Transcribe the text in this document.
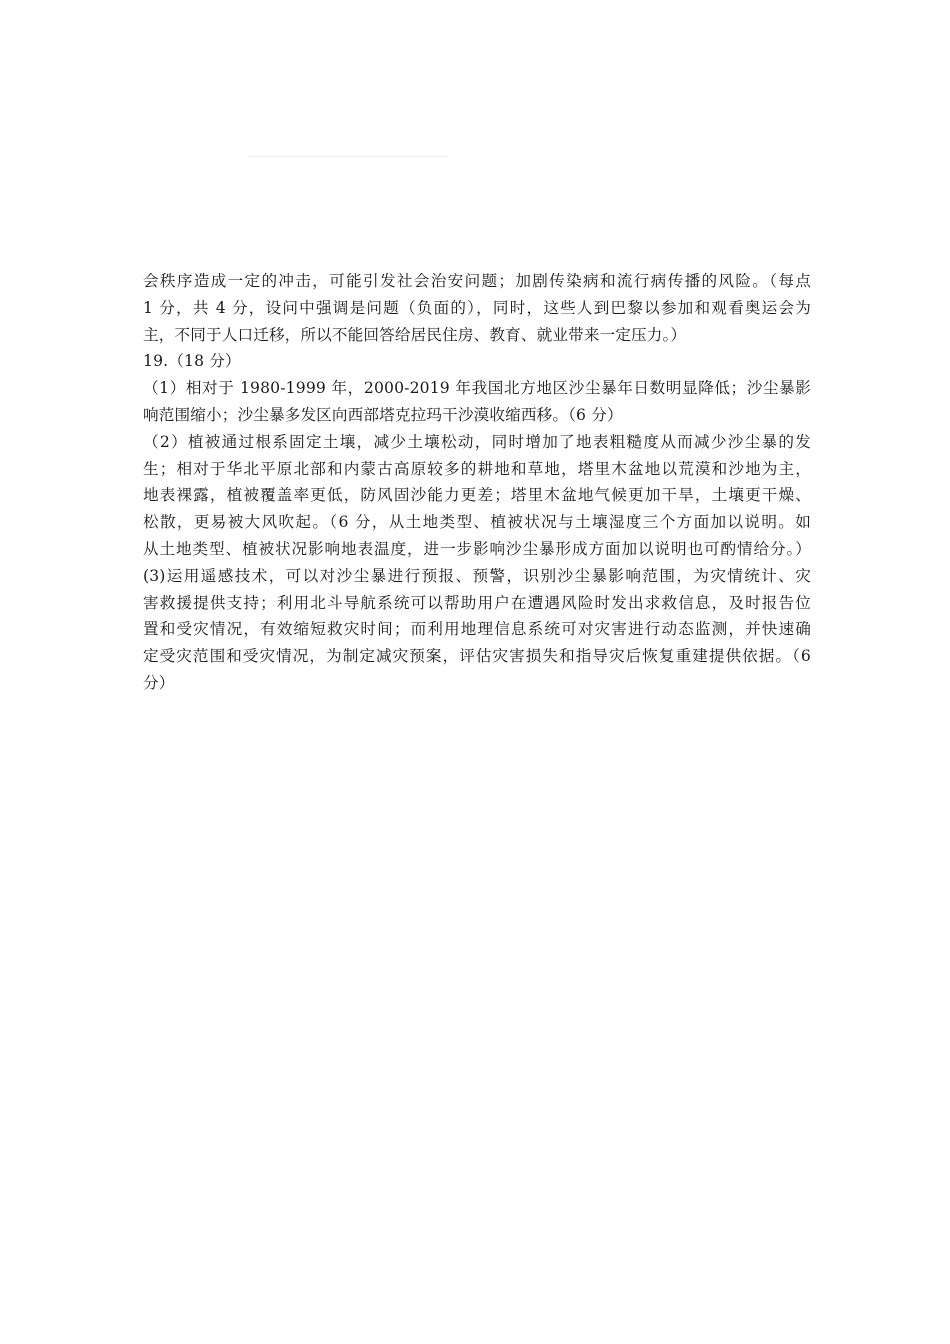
会秩序造成一定的冲击，可能引发社会治安问题；加剧传染病和流行病传播的风险。（每点
1 分，共 4 分，设问中强调是问题（负面的），同时，这些人到巴黎以参加和观看奥运会为
主，不同于人口迁移，所以不能回答给居民住房、教育、就业带来一定压力。）
19.（18 分）
（1）相对于 1980-1999 年，2000-2019 年我国北方地区沙尘暴年日数明显降低；沙尘暴影
响范围缩小；沙尘暴多发区向西部塔克拉玛干沙漠收缩西移。（6 分）
（2）植被通过根系固定土壤，减少土壤松动，同时增加了地表粗糙度从而减少沙尘暴的发
生；相对于华北平原北部和内蒙古高原较多的耕地和草地，塔里木盆地以荒漠和沙地为主，
地表裸露，植被覆盖率更低，防风固沙能力更差；塔里木盆地气候更加干旱，土壤更干燥、
松散，更易被大风吹起。（6 分，从土地类型、植被状况与土壤湿度三个方面加以说明。如
从土地类型、植被状况影响地表温度，进一步影响沙尘暴形成方面加以说明也可酌情给分。）
(3)运用遥感技术，可以对沙尘暴进行预报、预警，识别沙尘暴影响范围，为灾情统计、灾
害救援提供支持；利用北斗导航系统可以帮助用户在遭遇风险时发出求救信息，及时报告位
置和受灾情况，有效缩短救灾时间；而利用地理信息系统可对灾害进行动态监测，并快速确
定受灾范围和受灾情况，为制定减灾预案，评估灾害损失和指导灾后恢复重建提供依据。（6
分）
